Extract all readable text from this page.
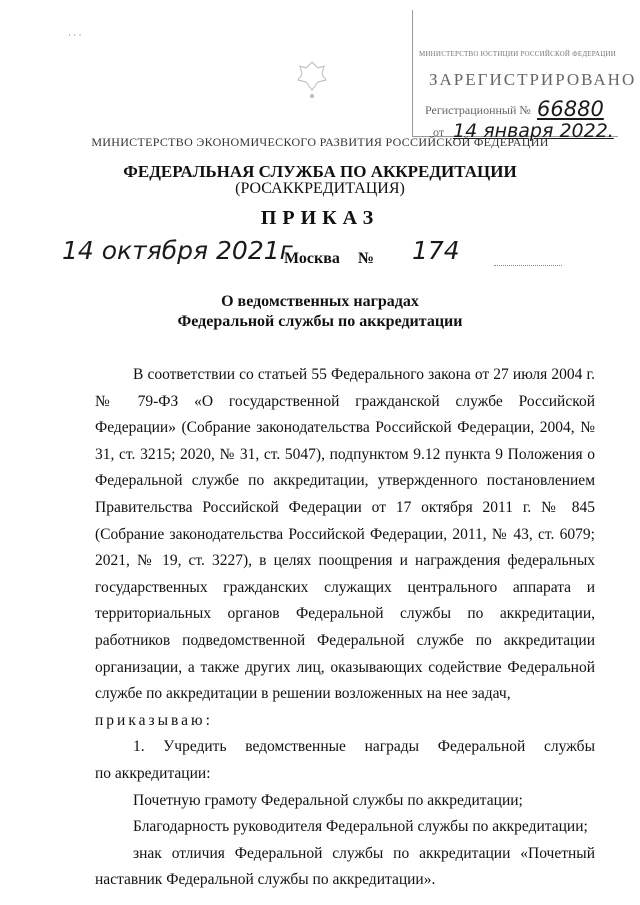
· · ·
МИНИСТЕРСТВО ЮСТИЦИИ РОССИЙСКОЙ ФЕДЕРАЦИИ
ЗАРЕГИСТРИРОВАНО
Регистрационный № 66880
от 14 января 2022.
МИНИСТЕРСТВО ЭКОНОМИЧЕСКОГО РАЗВИТИЯ РОССИЙСКОЙ ФЕДЕРАЦИИ
ФЕДЕРАЛЬНАЯ СЛУЖБА ПО АККРЕДИТАЦИИ
(РОСАККРЕДИТАЦИЯ)
ПРИКАЗ
14 октября 2021г
Москва № 174
О ведомственных наградах
Федеральной службы по аккредитации

В соответствии со статьей 55 Федерального закона от 27 июля 2004 г. № 79-ФЗ «О государственной гражданской службе Российской Федерации» (Собрание законодательства Российской Федерации, 2004, № 31, ст. 3215; 2020, № 31, ст. 5047), подпунктом 9.12 пункта 9 Положения о Федеральной службе по аккредитации, утвержденного постановлением Правительства Российской Федерации от 17 октября 2011 г. № 845 (Собрание законодательства Российской Федерации, 2011, № 43, ст. 6079; 2021, № 19, ст. 3227), в целях поощрения и награждения федеральных государственных гражданских служащих центрального аппарата и территориальных органов Федеральной службы по аккредитации, работников подведомственной Федеральной службе по аккредитации организации, а также других лиц, оказывающих содействие Федеральной службе по аккредитации в решении возложенных на нее задач,

приказываю:
1. Учредить ведомственные награды Федеральной службы
по аккредитации:

Почетную грамоту Федеральной службы по аккредитации;

Благодарность руководителя Федеральной службы по аккредитации;

знак отличия Федеральной службы по аккредитации «Почетный наставник Федеральной службы по аккредитации».
